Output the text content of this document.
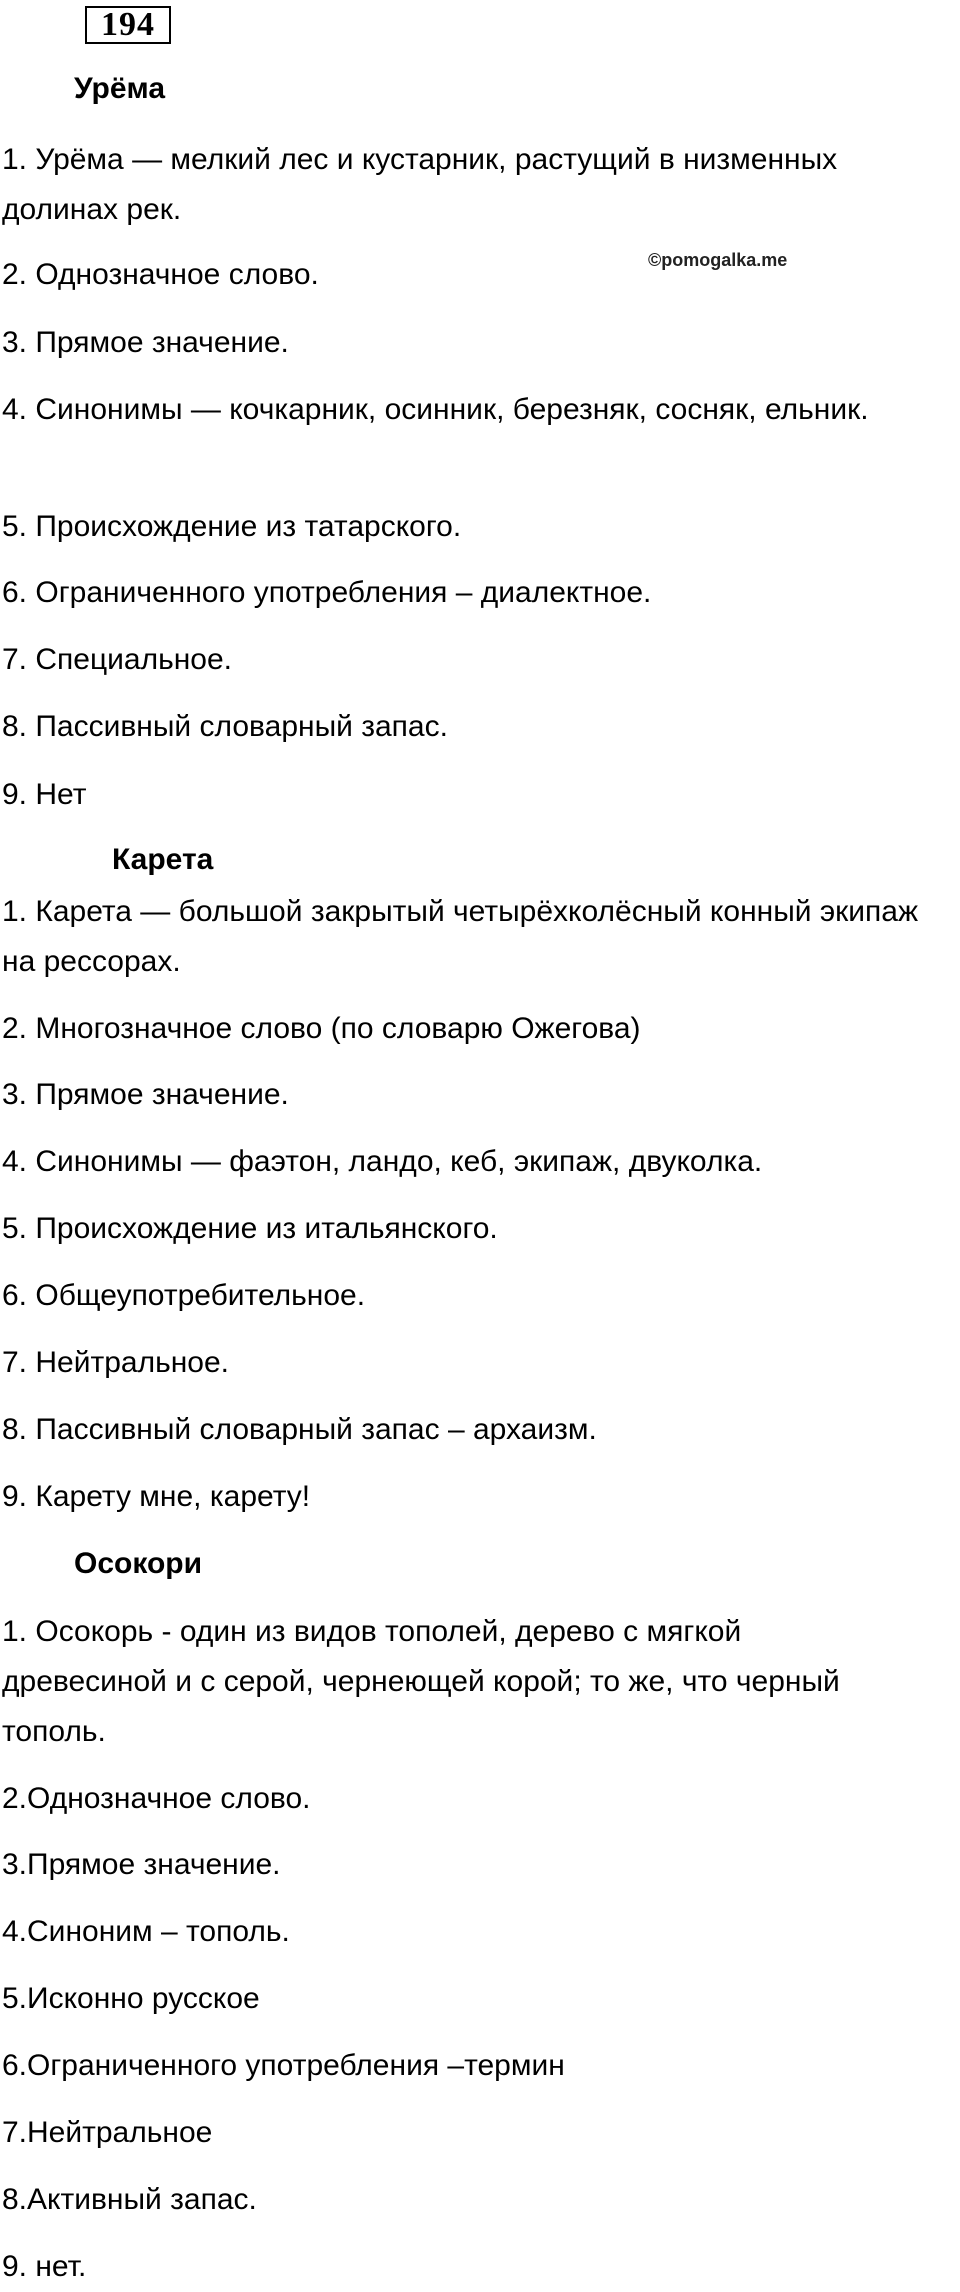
194
©pomogalka.me

Урёма

1. Урёма — мелкий лес и кустарник, растущий в низменных долинах рек.

2. Однозначное слово.

3. Прямое значение.

4. Синонимы — кочкарник, осинник, березняк, сосняк, ельник.

5. Происхождение из татарского.

6. Ограниченного употребления – диалектное.

7. Специальное.

8. Пассивный словарный запас.

9. Нет

Карета

1. Карета — большой закрытый четырёхколёсный конный экипаж на рессорах.

2. Многозначное слово (по словарю Ожегова)

3. Прямое значение.

4. Синонимы — фаэтон, ландо, кеб, экипаж, двуколка.

5. Происхождение из итальянского.

6. Общеупотребительное.

7. Нейтральное.

8. Пассивный словарный запас – архаизм.

9. Карету мне, карету!

Осокори

1. Осокорь - один из видов тополей, дерево с мягкой древесиной и с серой, чернеющей корой; то же, что черный тополь.

2.Однозначное слово.

3.Прямое значение.

4.Синоним – тополь.

5.Исконно русское

6.Ограниченного употребления –термин

7.Нейтральное

8.Активный запас.

9. нет.
